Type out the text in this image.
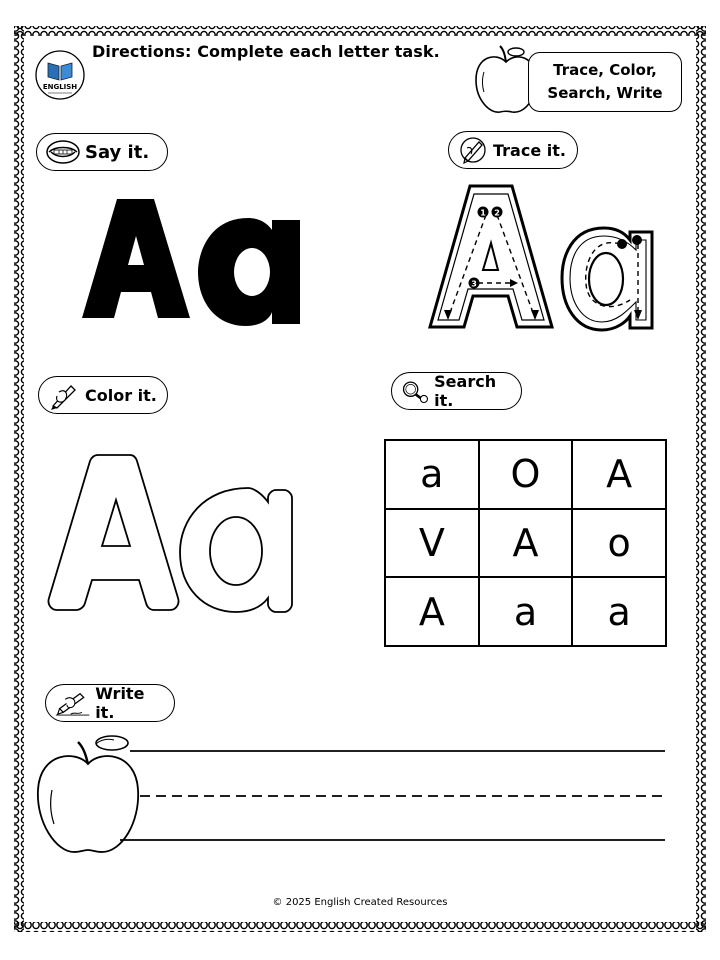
ENGLISH
Directions: Complete each letter task.
Trace, Color,
Search, Write
Say it.	Trace it.
Color it.
Search it.
Write it.
1 2
3
a	O	A
V	A	o
A	a	a
© 2025 English Created Resources
